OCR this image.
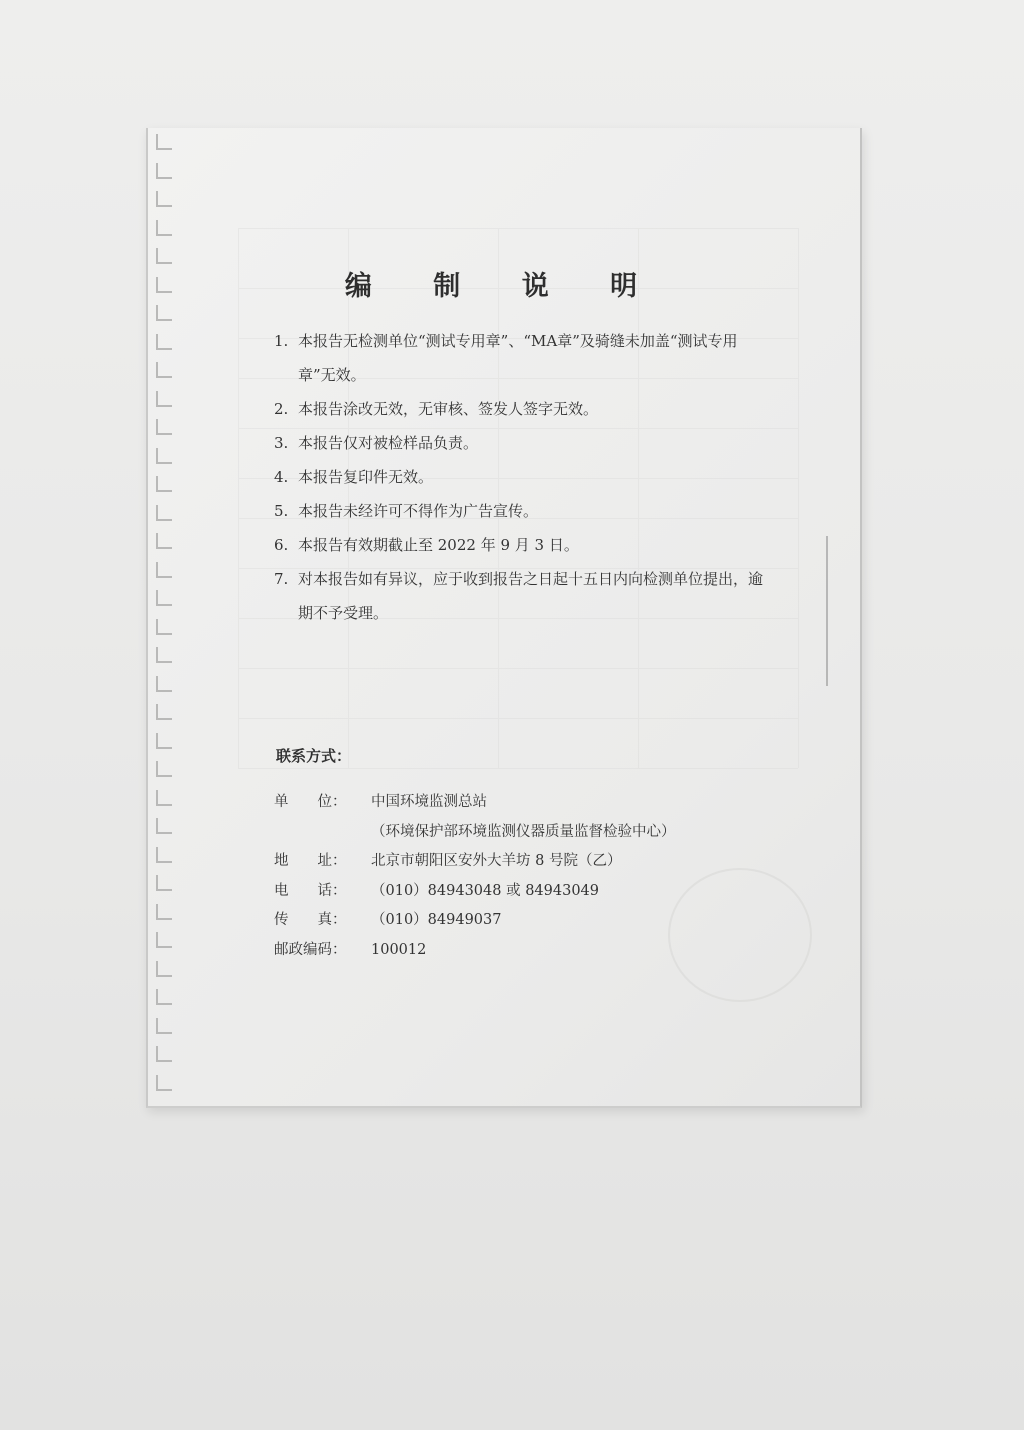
编 制 说 明
1. 本报告无检测单位“测试专用章”、“MA章”及骑缝未加盖“测试专用章”无效。
2. 本报告涂改无效，无审核、签发人签字无效。
3. 本报告仅对被检样品负责。
4. 本报告复印件无效。
5. 本报告未经许可不得作为广告宣传。
6. 本报告有效期截止至 2022 年 9 月 3 日。
7. 对本报告如有异议，应于收到报告之日起十五日内向检测单位提出，逾期不予受理。
联系方式：
单　　位：	中国环境监测总站
（环境保护部环境监测仪器质量监督检验中心）
地　　址：	北京市朝阳区安外大羊坊 8 号院（乙）
电　　话：	（010）84943048 或 84943049
传　　真：	（010）84949037
邮政编码：	100012
